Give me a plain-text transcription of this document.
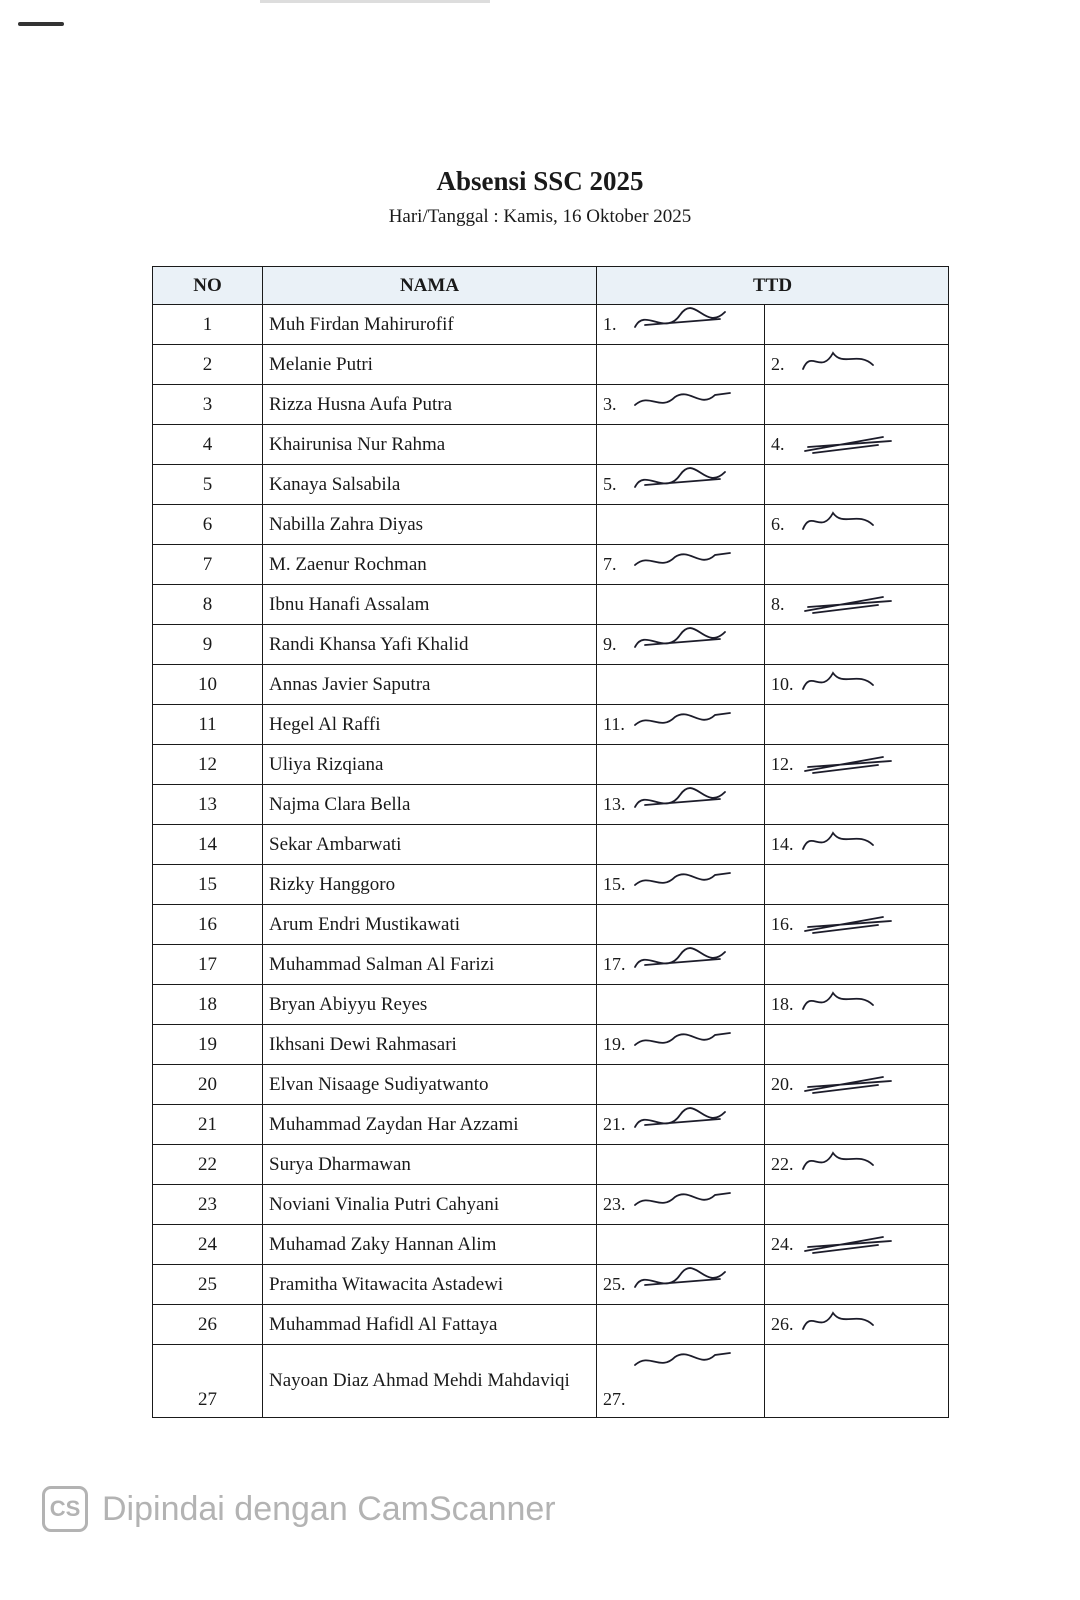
Absensi SSC 2025
Hari/Tanggal : Kamis, 16 Oktober 2025
NO	NAMA	TTD	
1	Muh Firdan Mahirurofif	1.

2	Melanie Putri		2.

3	Rizza Husna Aufa Putra	3.

4	Khairunisa Nur Rahma		4.

5	Kanaya Salsabila	5.

6	Nabilla Zahra Diyas		6.

7	M. Zaenur Rochman	7.

8	Ibnu Hanafi Assalam		8.

9	Randi Khansa Yafi Khalid	9.

10	Annas Javier Saputra		10.

11	Hegel Al Raffi	11.

12	Uliya Rizqiana		12.

13	Najma Clara Bella	13.

14	Sekar Ambarwati		14.

15	Rizky Hanggoro	15.

16	Arum Endri Mustikawati		16.

17	Muhammad Salman Al Farizi	17.

18	Bryan Abiyyu Reyes		18.

19	Ikhsani Dewi Rahmasari	19.

20	Elvan Nisaage Sudiyatwanto		20.

21	Muhammad Zaydan Har Azzami	21.

22	Surya Dharmawan		22.

23	Noviani Vinalia Putri Cahyani	23.

24	Muhamad Zaky Hannan Alim		24.

25	Pramitha Witawacita Astadewi	25.

26	Muhammad Hafidl Al Fattaya		26.

27	Nayoan Diaz Ahmad Mehdi Mahdaviqi	27.

CS Dipindai dengan CamScanner
